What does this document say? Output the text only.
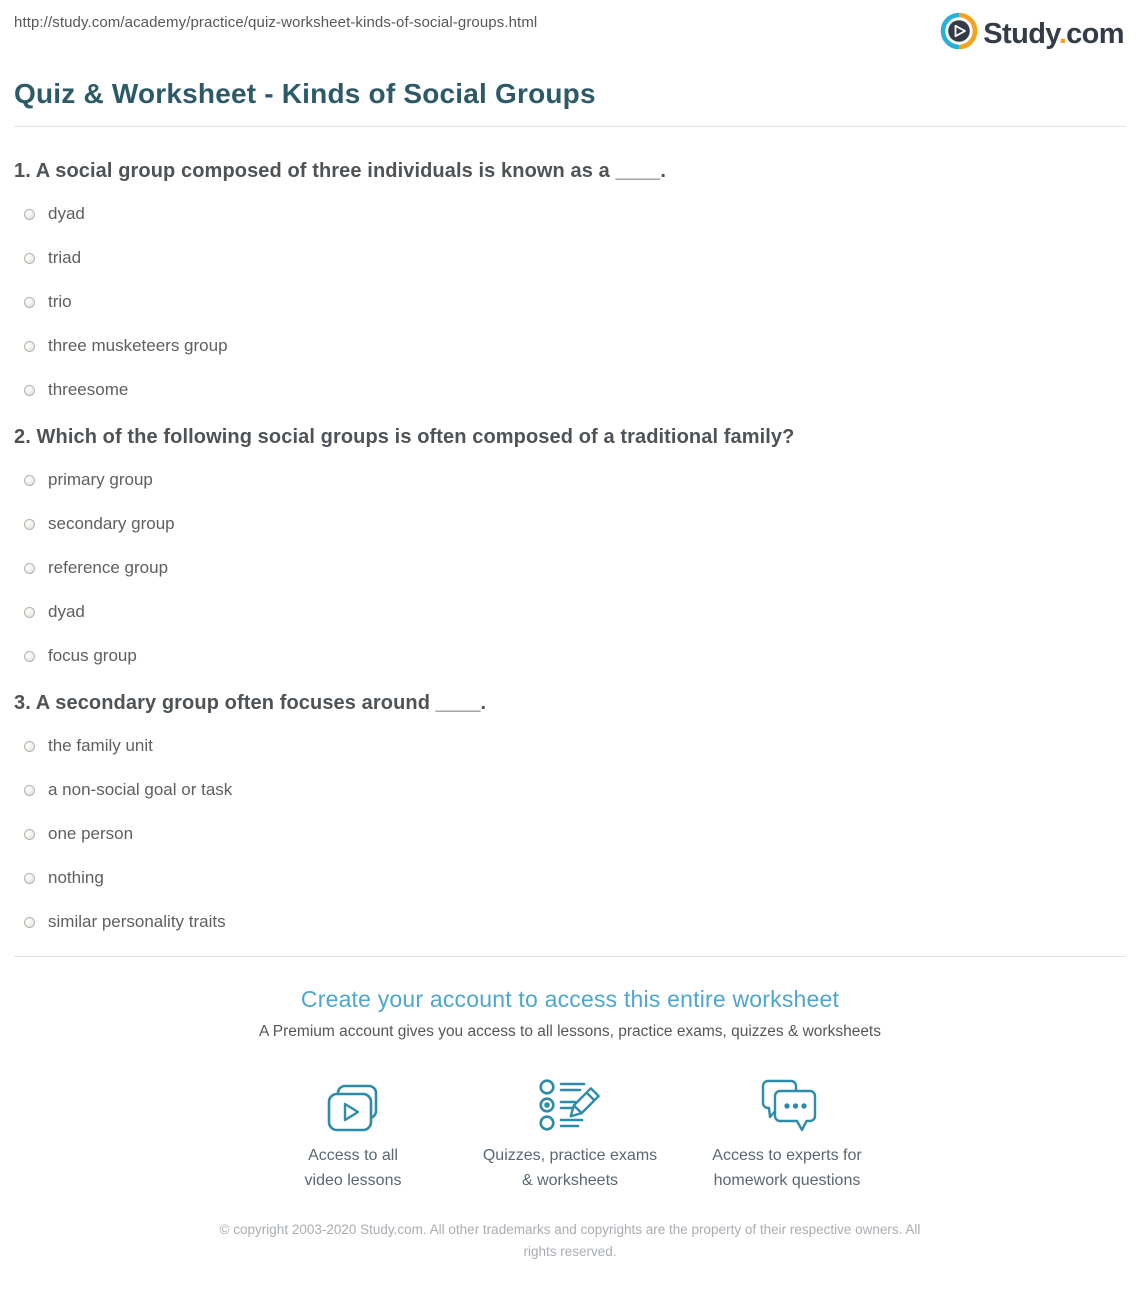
http://study.com/academy/practice/quiz-worksheet-kinds-of-social-groups.html	Study.com
Quiz & Worksheet - Kinds of Social Groups
1. A social group composed of three individuals is known as a ____.
dyad
triad
trio
three musketeers group
threesome
2. Which of the following social groups is often composed of a traditional family?
primary group
secondary group
reference group
dyad
focus group
3. A secondary group often focuses around ____.
the family unit
a non-social goal or task
one person
nothing
similar personality traits
Create your account to access this entire worksheet

A Premium account gives you access to all lessons, practice exams, quizzes & worksheets

Access to all
video lessons
Quizzes, practice exams
& worksheets
Access to experts for
homework questions

© copyright 2003-2020 Study.com. All other trademarks and copyrights are the property of their respective owners. All rights reserved.
